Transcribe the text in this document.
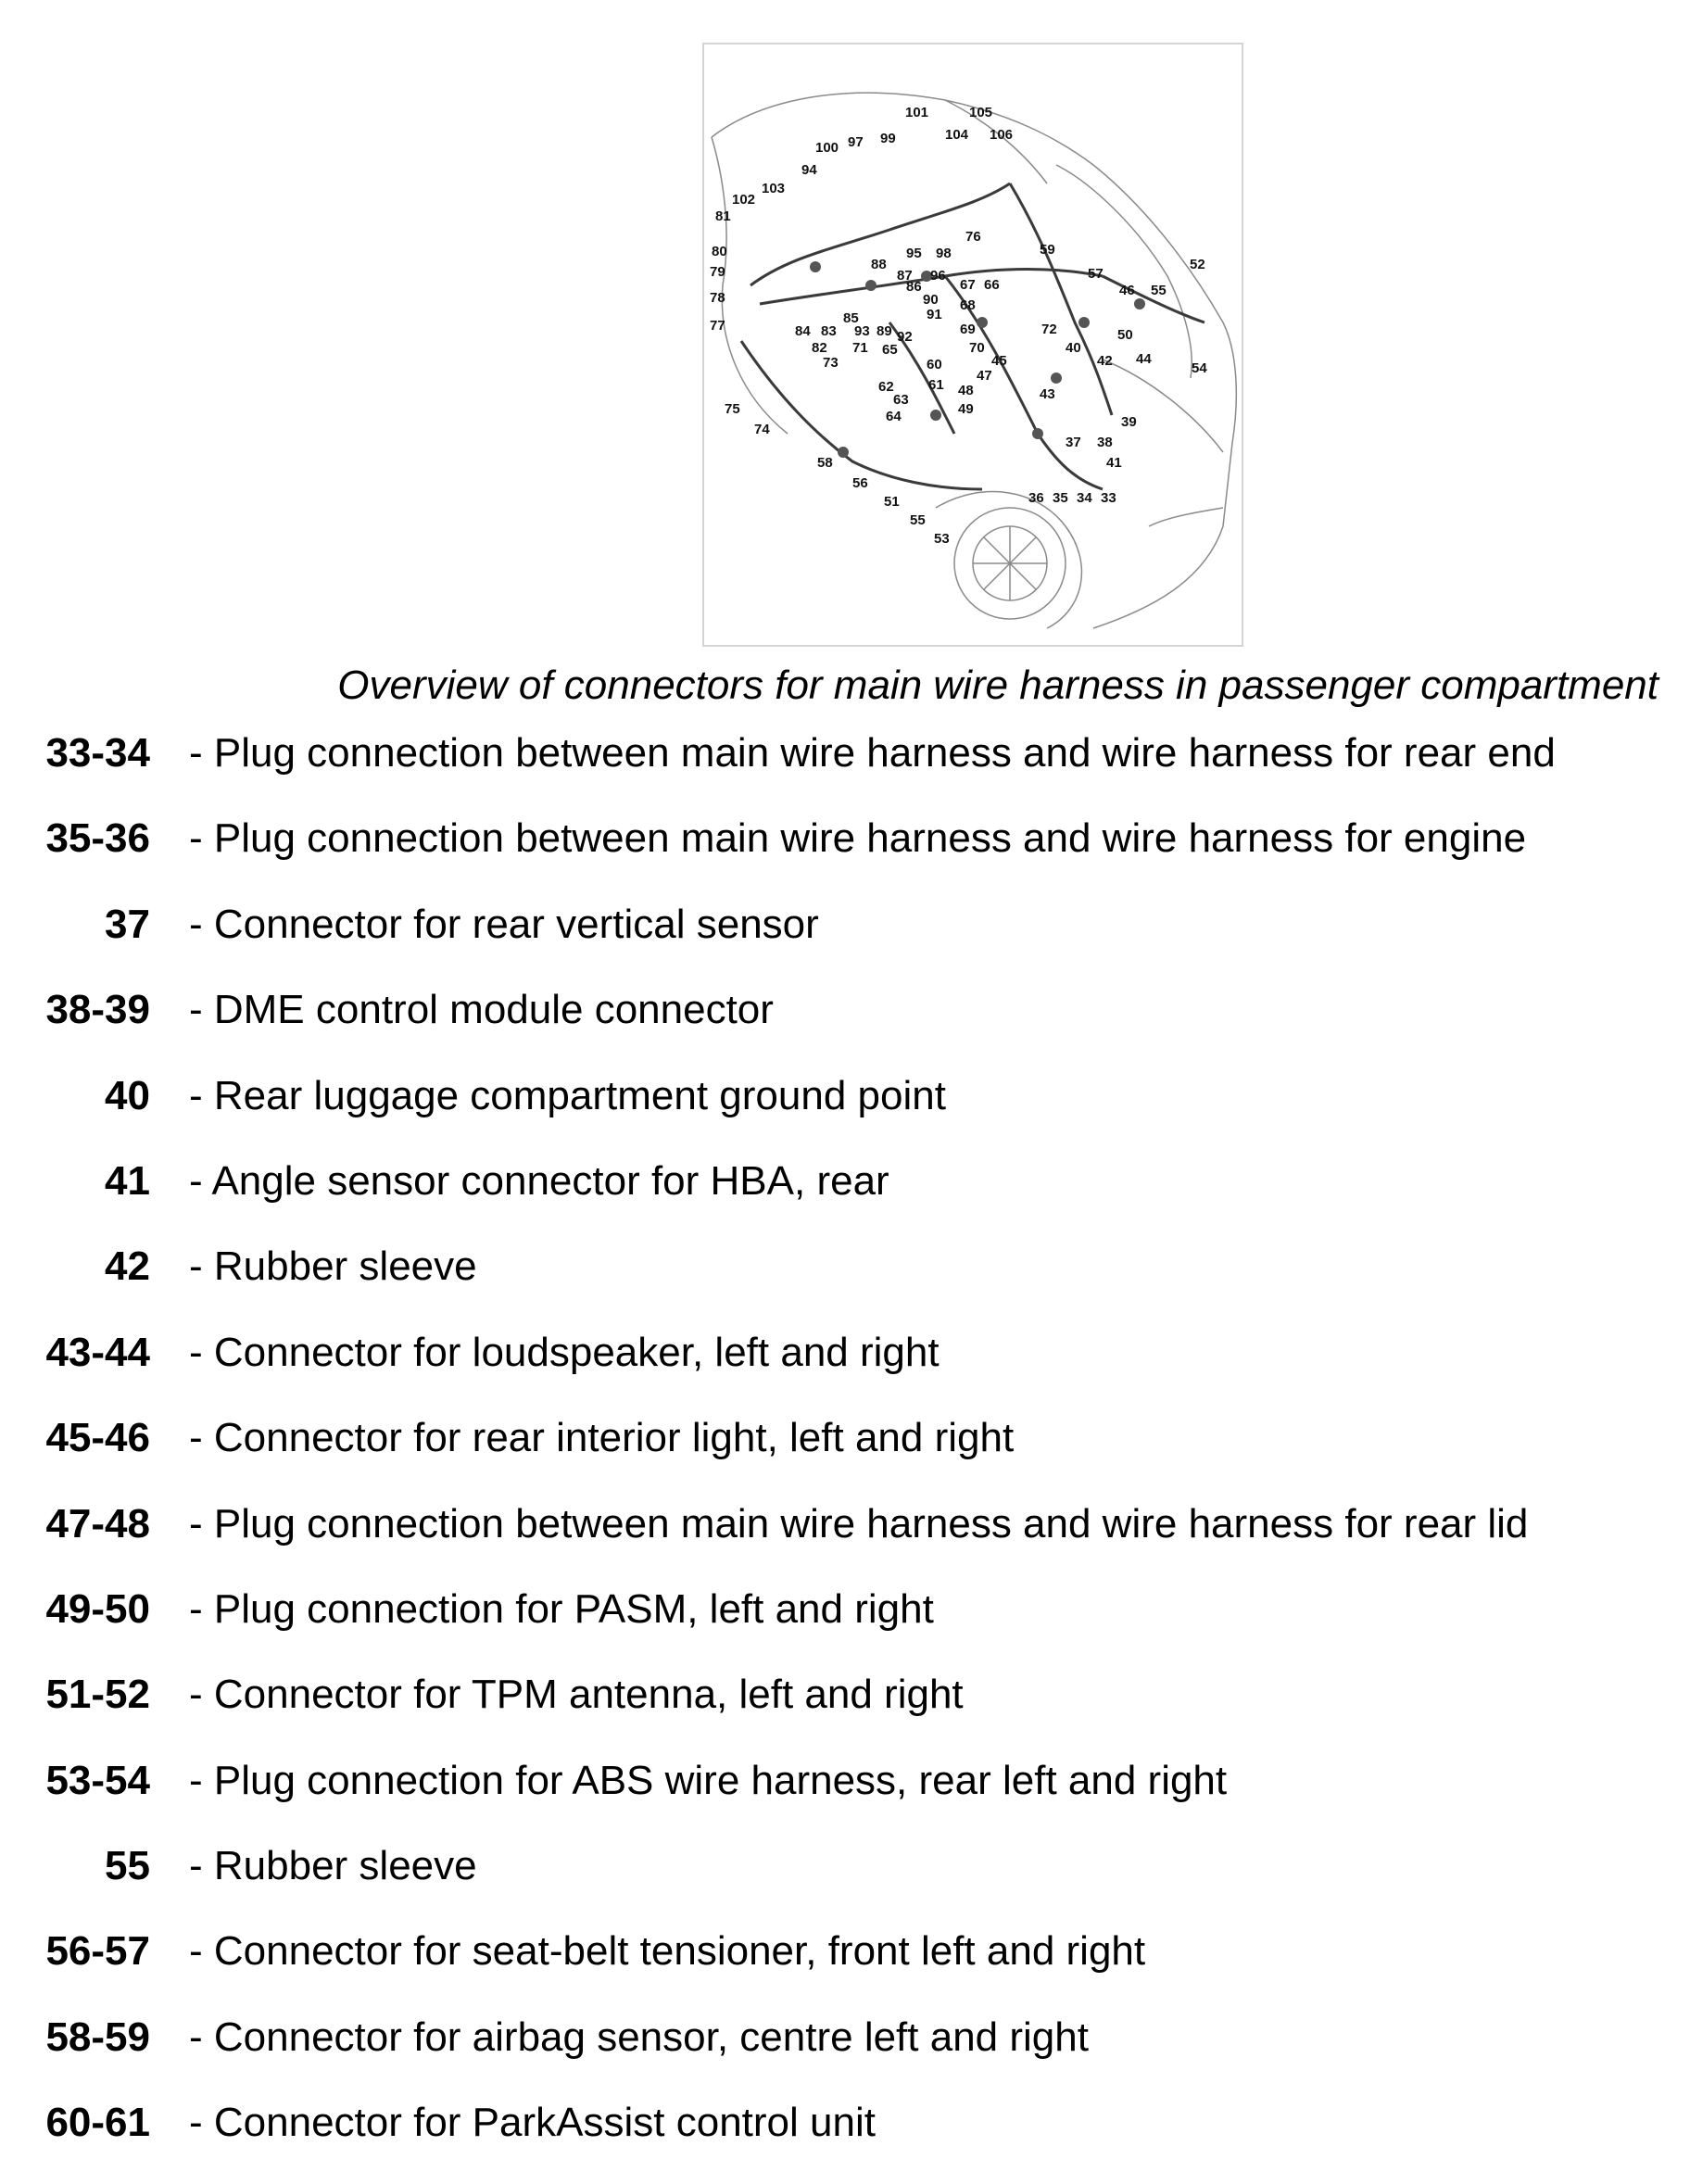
101	105
104 106
100 97 99
94
103
102
81
80
79
78
77
76
59
52
57
46 55
95 98
88
87 96
86	67 66
90 68
85	91
69	72	50
84 83 93 89 92
82 71 65	70	40
44
73	60	45	42	54
47
61 48
62
63	43
64	49
39
75
74
37 38
58
56
41
51	36 35 34 33
55
53
Overview of connectors for main wire harness in passenger compartment
33-34 - Plug connection between main wire harness and wire harness for rear end
35-36 - Plug connection between main wire harness and wire harness for engine
37 - Connector for rear vertical sensor
38-39 - DME control module connector
40 - Rear luggage compartment ground point
41 - Angle sensor connector for HBA, rear
42 - Rubber sleeve
43-44 - Connector for loudspeaker, left and right
45-46 - Connector for rear interior light, left and right
47-48 - Plug connection between main wire harness and wire harness for rear lid
49-50 - Plug connection for PASM, left and right
51-52 - Connector for TPM antenna, left and right
53-54 - Plug connection for ABS wire harness, rear left and right
55 - Rubber sleeve
56-57 - Connector for seat-belt tensioner, front left and right
58-59 - Connector for airbag sensor, centre left and right
60-61 - Connector for ParkAssist control unit
